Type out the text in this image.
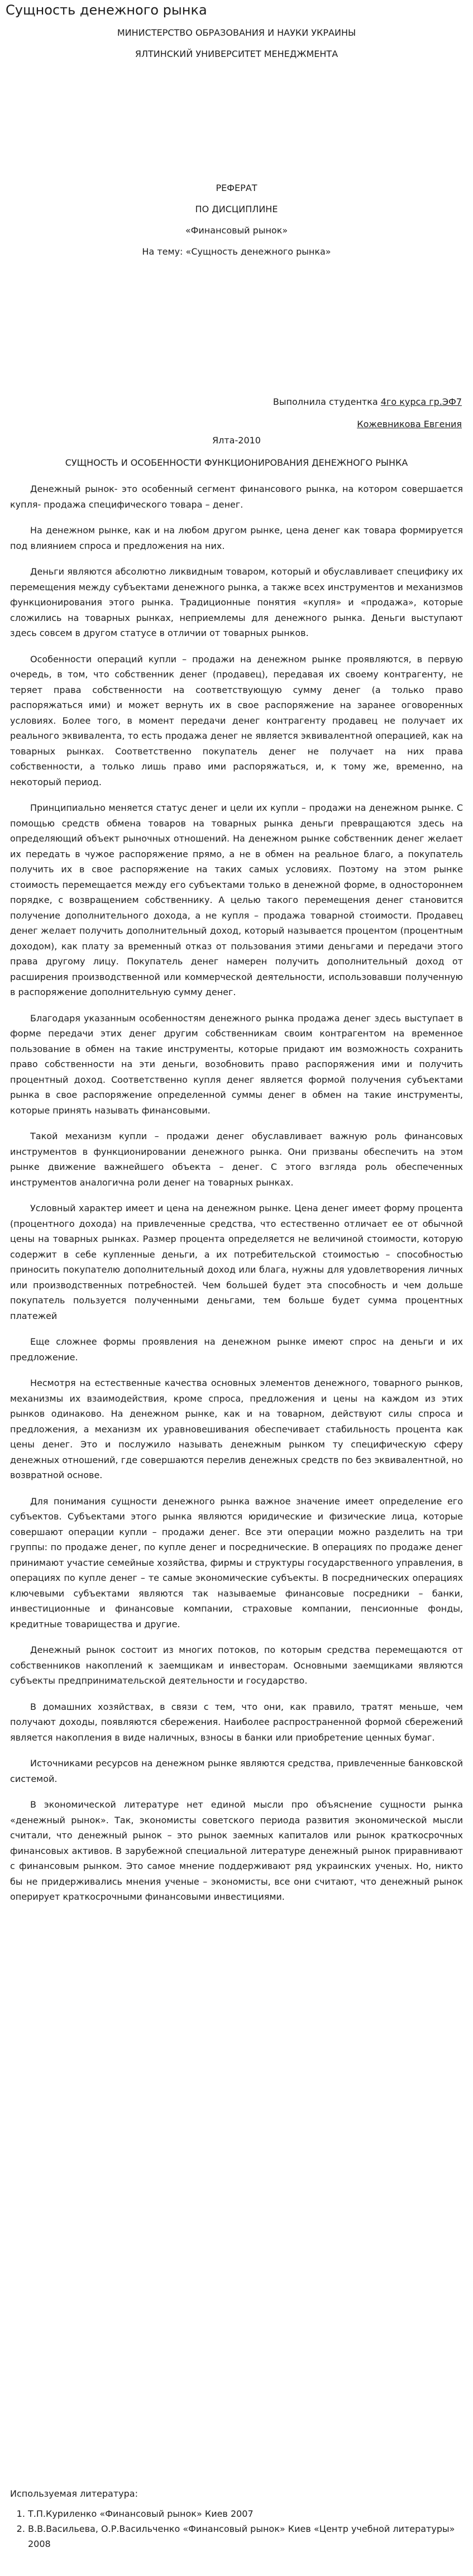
Сущность денежного рынка
МИНИСТЕРСТВО ОБРАЗОВАНИЯ И НАУКИ УКРАИНЫ
ЯЛТИНСКИЙ УНИВЕРСИТЕТ МЕНЕДЖМЕНТА
РЕФЕРАТ
ПО ДИСЦИПЛИНЕ
«Финансовый рынок»
На тему: «Сущность денежного рынка»
Выполнила студентка 4го курса гр.ЭФ7
Кожевникова Евгения
Ялта-2010
СУЩНОСТЬ И ОСОБЕННОСТИ ФУНКЦИОНИРОВАНИЯ ДЕНЕЖНОГО РЫНКА

Денежный рынок- это особенный сегмент финансового рынка, на котором совершается купля- продажа специфического товара – денег.

На денежном рынке, как и на любом другом рынке, цена денег как товара формируется под влиянием спроса и предложения на них.

Деньги являются абсолютно ликвидным товаром, который и обуславливает специфику их перемещения между субъектами денежного рынка, а также всех инструментов и механизмов функционирования этого рынка. Традиционные понятия «купля» и «продажа», которые сложились на товарных рынках, неприемлемы для денежного рынка. Деньги выступают здесь совсем в другом статусе в отличии от товарных рынков.

Особенности операций купли – продажи на денежном рынке проявляются, в первую очередь, в том, что собственник денег (продавец), передавая их своему контрагенту, не теряет права собственности на соответствующую сумму денег (а только право распоряжаться ими) и может вернуть их в свое распоряжение на заранее оговоренных условиях. Более того, в момент передачи денег контрагенту продавец не получает их реального эквивалента, то есть продажа денег не является эквивалентной операцией, как на товарных рынках. Соответственно покупатель денег не получает на них права собственности, а только лишь право ими распоряжаться, и, к тому же, временно, на некоторый период.

Принципиально меняется статус денег и цели их купли – продажи на денежном рынке. С помощью средств обмена товаров на товарных рынка деньги превращаются здесь на определяющий объект рыночных отношений. На денежном рынке собственник денег желает их передать в чужое распоряжение прямо, а не в обмен на реальное благо, а покупатель получить их в свое распоряжение на таких самых условиях. Поэтому на этом рынке стоимость перемещается между его субъектами только в денежной форме, в одностороннем порядке, с возвращением собственнику. А целью такого перемещения денег становится получение дополнительного дохода, а не купля – продажа товарной стоимости. Продавец денег желает получить дополнительный доход, который называется процентом (процентным доходом), как плату за временный отказ от пользования этими деньгами и передачи этого права другому лицу. Покупатель денег намерен получить дополнительный доход от расширения производственной или коммерческой деятельности, использовавши полученную в распоряжение дополнительную сумму денег.

Благодаря указанным особенностям денежного рынка продажа денег здесь выступает в форме передачи этих денег другим собственникам своим контрагентом на временное пользование в обмен на такие инструменты, которые придают им возможность сохранить право собственности на эти деньги, возобновить право распоряжения ими и получить процентный доход. Соответственно купля денег является формой получения субъектами рынка в свое распоряжение определенной суммы денег в обмен на такие инструменты, которые принять называть финансовыми.

Такой механизм купли – продажи денег обуславливает важную роль финансовых инструментов в функционировании денежного рынка. Они призваны обеспечить на этом рынке движение важнейшего объекта – денег. С этого взгляда роль обеспеченных инструментов аналогична роли денег на товарных рынках.

Условный характер имеет и цена на денежном рынке. Цена денег имеет форму процента (процентного дохода) на привлеченные средства, что естественно отличает ее от обычной цены на товарных рынках. Размер процента определяется не величиной стоимости, которую содержит в себе купленные деньги, а их потребительской стоимостью – способностью приносить покупателю дополнительный доход или блага, нужны для удовлетворения личных или производственных потребностей. Чем большей будет эта способность и чем дольше покупатель пользуется полученными деньгами, тем больше будет сумма процентных платежей

Еще сложнее формы проявления на денежном рынке имеют спрос на деньги и их предложение.

Несмотря на естественные качества основных элементов денежного, товарного рынков, механизмы их взаимодействия, кроме спроса, предложения и цены на каждом из этих рынков одинаково. На денежном рынке, как и на товарном, действуют силы спроса и предложения, а механизм их уравновешивания обеспечивает стабильность процента как цены денег. Это и послужило называть денежным рынком ту специфическую сферу денежных отношений, где совершаются перелив денежных средств по без эквивалентной, но возвратной основе.

Для понимания сущности денежного рынка важное значение имеет определение его субъектов. Субъектами этого рынка являются юридические и физические лица, которые совершают операции купли – продажи денег. Все эти операции можно разделить на три группы: по продаже денег, по купле денег и посреднические. В операциях по продаже денег принимают участие семейные хозяйства, фирмы и структуры государственного управления, в операциях по купле денег – те самые экономические субъекты. В посреднических операциях ключевыми субъектами являются так называемые финансовые посредники – банки, инвестиционные и финансовые компании, страховые компании, пенсионные фонды, кредитные товарищества и другие.

Денежный рынок состоит из многих потоков, по которым средства перемещаются от собственников накоплений к заемщикам и инвесторам. Основными заемщиками являются субъекты предпринимательской деятельности и государство.

В домашних хозяйствах, в связи с тем, что они, как правило, тратят меньше, чем получают доходы, появляются сбережения. Наиболее распространенной формой сбережений является накопления в виде наличных, взносы в банки или приобретение ценных бумаг.

Источниками ресурсов на денежном рынке являются средства, привлеченные банковской системой.

В экономической литературе нет единой мысли про объяснение сущности рынка «денежный рынок». Так, экономисты советского периода развития экономической мысли считали, что денежный рынок – это рынок заемных капиталов или рынок краткосрочных финансовых активов. В зарубежной специальной литературе денежный рынок приравнивают с финансовым рынком. Это самое мнение поддерживают ряд украинских ученых. Но, никто бы не придерживались мнения ученые – экономисты, все они считают, что денежный рынок оперирует краткосрочными финансовыми инвестициями.

Используемая литература:
1. Т.П.Куриленко «Финансовый рынок» Киев 2007
2. В.В.Васильева, О.Р.Васильченко «Финансовый рынок» Киев «Центр учебной литературы» 2008
